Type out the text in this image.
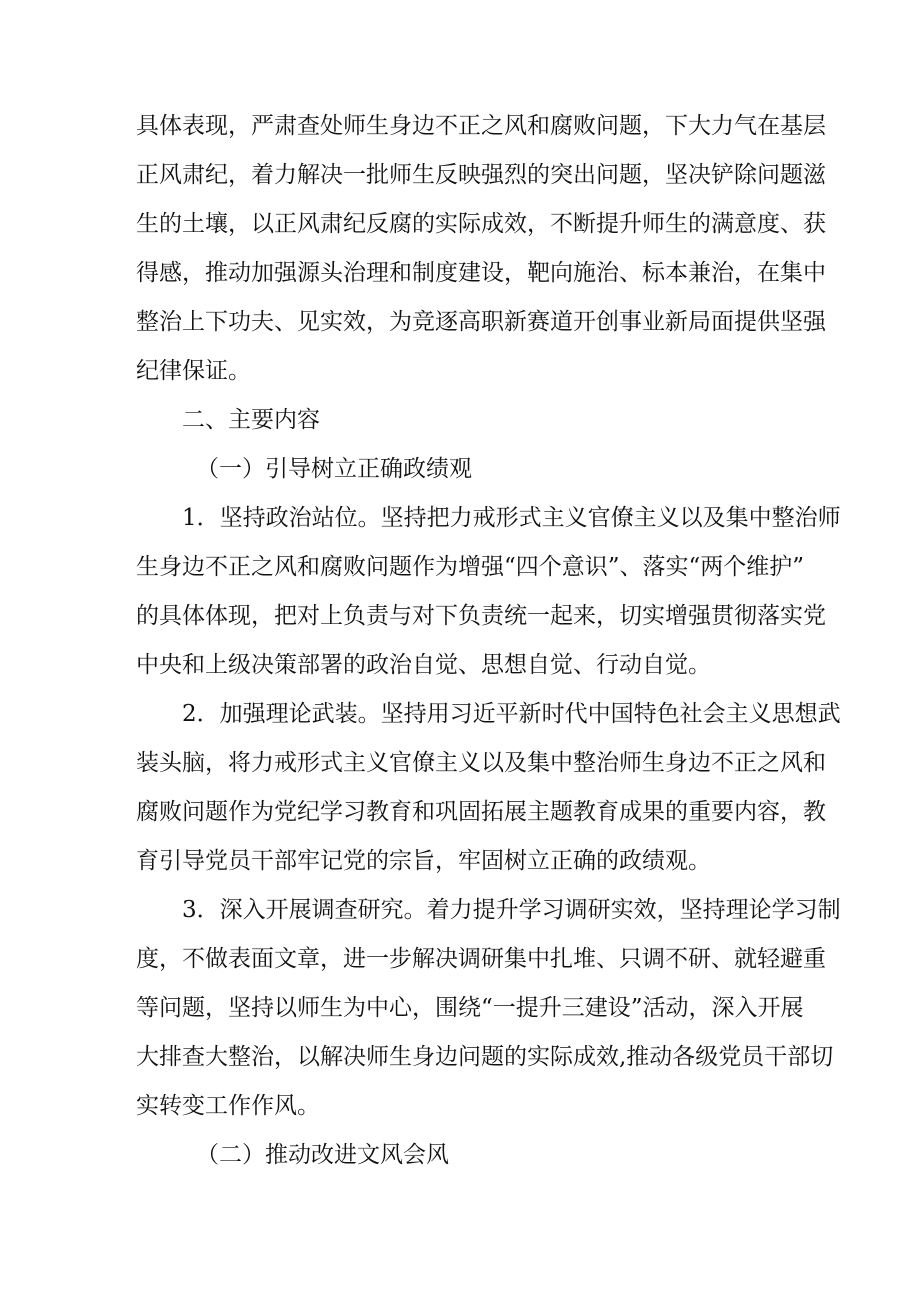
具体表现，严肃查处师生身边不正之风和腐败问题，下大力气在基层
正风肃纪，着力解决一批师生反映强烈的突出问题，坚决铲除问题滋
生的土壤，以正风肃纪反腐的实际成效，不断提升师生的满意度、获
得感，推动加强源头治理和制度建设，靶向施治、标本兼治，在集中
整治上下功夫、见实效，为竞逐高职新赛道开创事业新局面提供坚强
纪律保证。
二、主要内容
（一）引导树立正确政绩观
1．坚持政治站位。坚持把力戒形式主义官僚主义以及集中整治师
生身边不正之风和腐败问题作为增强“四个意识”、落实“两个维护”
的具体体现，把对上负责与对下负责统一起来，切实增强贯彻落实党
中央和上级决策部署的政治自觉、思想自觉、行动自觉。
2．加强理论武装。坚持用习近平新时代中国特色社会主义思想武
装头脑，将力戒形式主义官僚主义以及集中整治师生身边不正之风和
腐败问题作为党纪学习教育和巩固拓展主题教育成果的重要内容，教
育引导党员干部牢记党的宗旨，牢固树立正确的政绩观。
3．深入开展调查研究。着力提升学习调研实效，坚持理论学习制
度，不做表面文章，进一步解决调研集中扎堆、只调不研、就轻避重
等问题，坚持以师生为中心，围绕“一提升三建设”活动，深入开展
大排查大整治，以解决师生身边问题的实际成效,推动各级党员干部切
实转变工作作风。
（二）推动改进文风会风
